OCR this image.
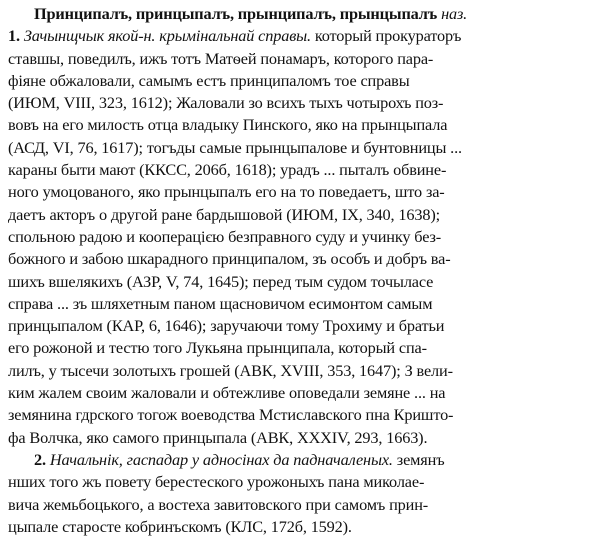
Принципалъ, принцыпалъ, прынципалъ, прынцыпалъ наз.
1. Зачынщчык якой-н. крымінальнай справы. который прокураторъ
ставшы, поведилъ, ижъ тотъ Матѳей понамаръ, которого пара-
фіяне обжаловали, самымъ естъ принципаломъ тое справы
(ИЮМ, VIII, 323, 1612); Жаловали зо всихъ тыхъ чотырохъ поз-
вовъ на его милость отца владыку Пинского, яко на прынцыпала
(АСД, VI, 76, 1617); тогъды самые прынцыпалове и бунтовницы ...
караны быти мают (ККСС, 206б, 1618); урадъ ... пыталъ обвине-
ного умоцованого, яко прынцыпалъ его на то поведаетъ, што за-
даетъ акторъ о другой ране бардышовой (ИЮМ, IX, 340, 1638);
спольною радою и кооперацією безправного суду и учинку без-
божного и забою шкарадного принципалом, зъ особъ и добръ ва-
шихъ вшелякихъ (АЗР, V, 74, 1645); перед тым судом точыласе
справа ... зъ шляхетным паном щасновичом есимонтом самым
принцыпалом (КАР, 6, 1646); заручаючи тому Трохиму и братьи
его рожоной и тестю того Лукьяна прынципала, который спа-
лилъ, у тысечи золотыхъ грошей (АВК, XVIII, 353, 1647); З вели-
ким жалем своим жаловали и обтежливе оповедали земяне ... на
земянина гдрского тогож воеводства Мстиславского пна Кришто-
фа Волчка, яко самого принцыпала (АВК, XXXIV, 293, 1663).
2. Начальнік, гаспадар у адносінах да падначаленых. земянъ
нших того жъ повету берестеского урожоныхъ пана миколае-
вича жемьбоцького, а востеха завитовского при самомъ прин-
цыпале старосте кобринъскомъ (КЛС, 172б, 1592).
